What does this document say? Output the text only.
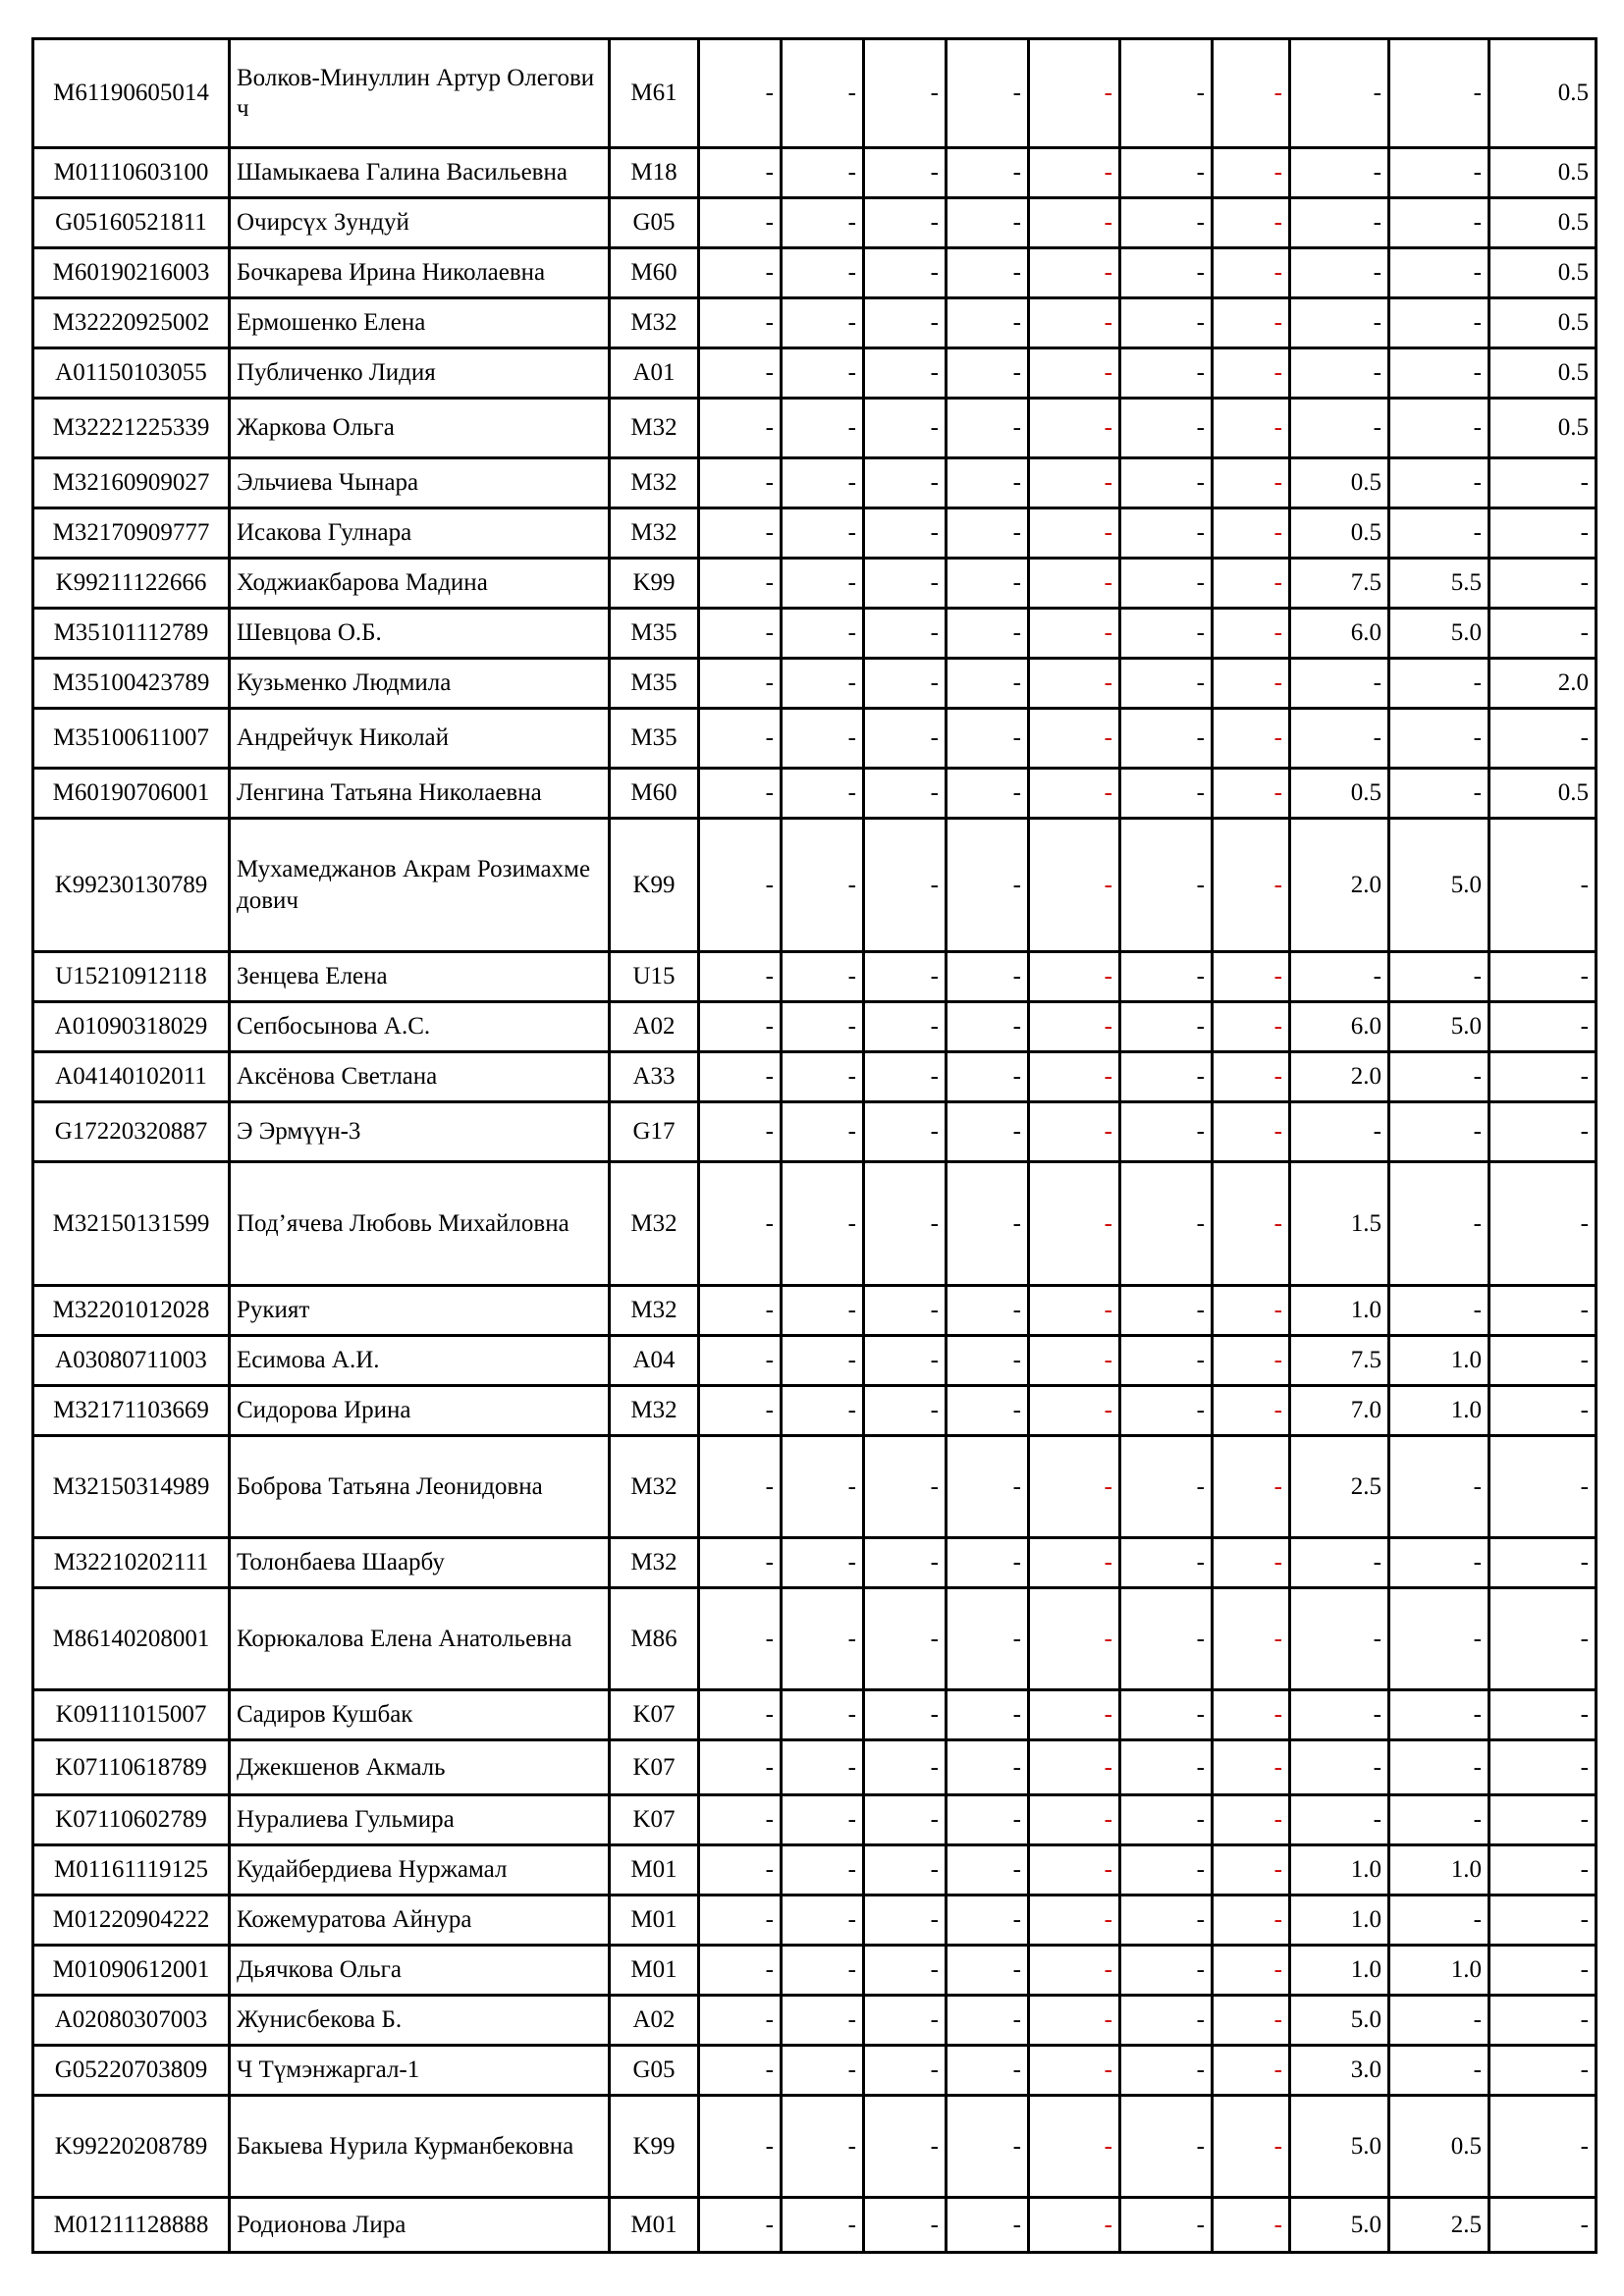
M61190605014	Волков-Минуллин Артур Олегович	M61	-	-	-	-	-	-	-	-	-	0.5
M01110603100	Шамыкаева Галина Васильевна	M18	-	-	-	-	-	-	-	-	-	0.5
G05160521811	Очирсүх Зундуй	G05	-	-	-	-	-	-	-	-	-	0.5
M60190216003	Бочкарева Ирина Николаевна	M60	-	-	-	-	-	-	-	-	-	0.5
M32220925002	Ермошенко Елена	M32	-	-	-	-	-	-	-	-	-	0.5
A01150103055	Публиченко Лидия	A01	-	-	-	-	-	-	-	-	-	0.5
M32221225339	Жаркова Ольга	M32	-	-	-	-	-	-	-	-	-	0.5
M32160909027	Эльчиева Чынара	M32	-	-	-	-	-	-	-	0.5	-	-
M32170909777	Исакова Гулнара	M32	-	-	-	-	-	-	-	0.5	-	-
K99211122666	Ходжиакбарова Мадина	K99	-	-	-	-	-	-	-	7.5	5.5	-
M35101112789	Шевцова О.Б.	M35	-	-	-	-	-	-	-	6.0	5.0	-
M35100423789	Кузьменко Людмила	M35	-	-	-	-	-	-	-	-	-	2.0
M35100611007	Андрейчук Николай	M35	-	-	-	-	-	-	-	-	-	-
M60190706001	Ленгина Татьяна Николаевна	M60	-	-	-	-	-	-	-	0.5	-	0.5
K99230130789	Мухамеджанов Акрам Розимахмедович	K99	-	-	-	-	-	-	-	2.0	5.0	-
U15210912118	Зенцева Елена	U15	-	-	-	-	-	-	-	-	-	-
A01090318029	Сепбосынова А.С.	A02	-	-	-	-	-	-	-	6.0	5.0	-
A04140102011	Аксёнова Светлана	A33	-	-	-	-	-	-	-	2.0	-	-
G17220320887	Э Эрмүүн-3	G17	-	-	-	-	-	-	-	-	-	-
M32150131599	Под’ячева Любовь Михайловна	M32	-	-	-	-	-	-	-	1.5	-	-
M32201012028	Рукият	M32	-	-	-	-	-	-	-	1.0	-	-
A03080711003	Есимова А.И.	A04	-	-	-	-	-	-	-	7.5	1.0	-
M32171103669	Сидорова Ирина	M32	-	-	-	-	-	-	-	7.0	1.0	-
M32150314989	Боброва Татьяна Леонидовна	M32	-	-	-	-	-	-	-	2.5	-	-
M32210202111	Толонбаева Шаарбу	M32	-	-	-	-	-	-	-	-	-	-
M86140208001	Корюкалова Елена Анатольевна	M86	-	-	-	-	-	-	-	-	-	-
K09111015007	Садиров Кушбак	K07	-	-	-	-	-	-	-	-	-	-
K07110618789	Джекшенов Акмаль	K07	-	-	-	-	-	-	-	-	-	-
K07110602789	Нуралиева Гульмира	K07	-	-	-	-	-	-	-	-	-	-
M01161119125	Кудайбердиева Нуржамал	M01	-	-	-	-	-	-	-	1.0	1.0	-
M01220904222	Кожемуратова Айнура	M01	-	-	-	-	-	-	-	1.0	-	-
M01090612001	Дьячкова Ольга	M01	-	-	-	-	-	-	-	1.0	1.0	-
A02080307003	Жунисбекова Б.	A02	-	-	-	-	-	-	-	5.0	-	-
G05220703809	Ч Түмэнжаргал-1	G05	-	-	-	-	-	-	-	3.0	-	-
K99220208789	Бакыева Нурила Курманбековна	K99	-	-	-	-	-	-	-	5.0	0.5	-
M01211128888	Родионова Лира	M01	-	-	-	-	-	-	-	5.0	2.5	-
